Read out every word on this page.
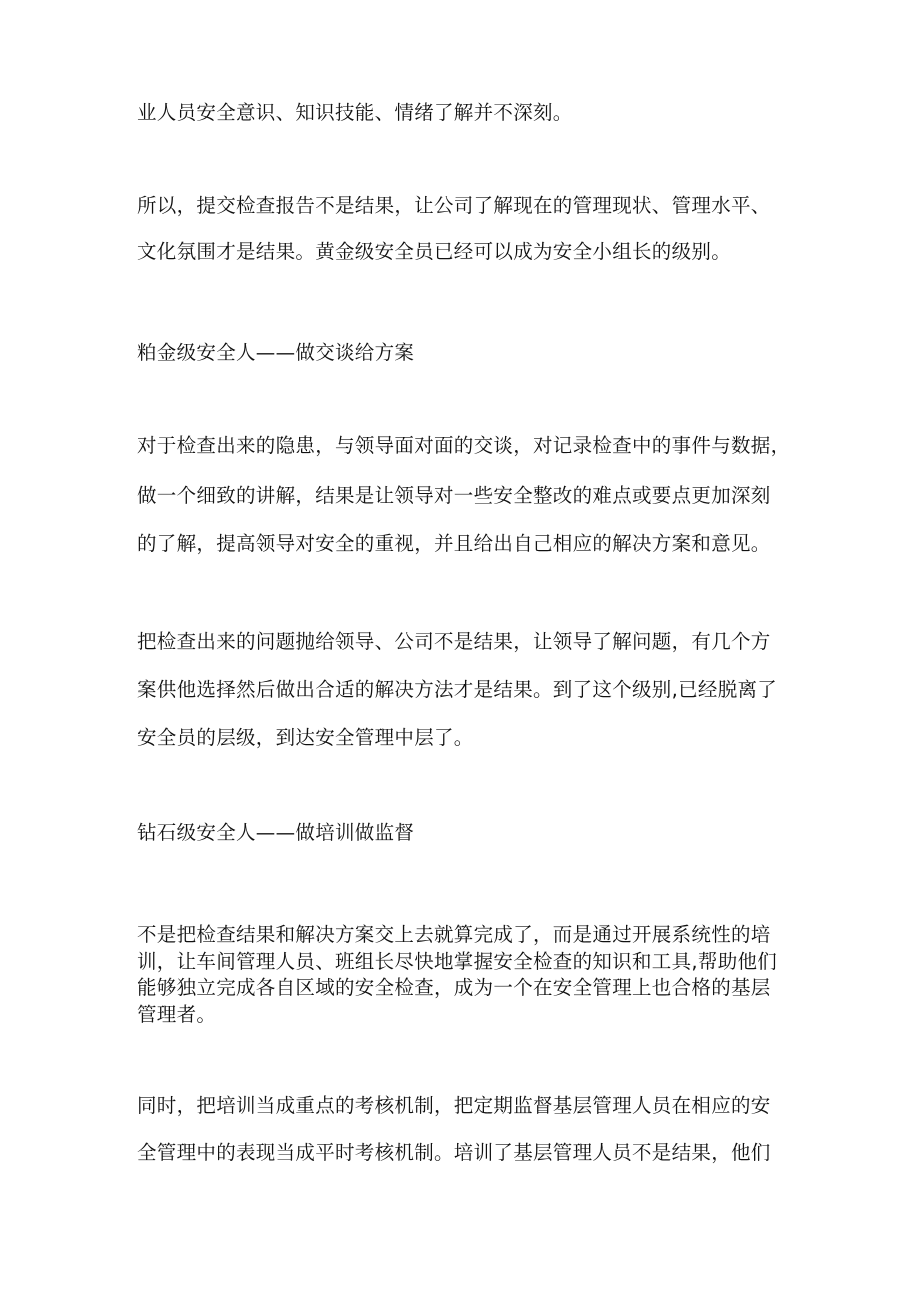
业人员安全意识、知识技能、情绪了解并不深刻。

所以，提交检查报告不是结果，让公司了解现在的管理现状、管理水平、

文化氛围才是结果。黄金级安全员已经可以成为安全小组长的级别。

粕金级安全人——做交谈给方案

对于检查出来的隐患，与领导面对面的交谈，对记录检查中的事件与数据，

做一个细致的讲解，结果是让领导对一些安全整改的难点或要点更加深刻

的了解，提高领导对安全的重视，并且给出自己相应的解决方案和意见。

把检查出来的问题抛给领导、公司不是结果，让领导了解问题，有几个方

案供他选择然后做出合适的解决方法才是结果。到了这个级别,已经脱离了

安全员的层级，到达安全管理中层了。

钻石级安全人——做培训做监督

不是把检查结果和解决方案交上去就算完成了，而是通过开展系统性的培

训，让车间管理人员、班组长尽快地掌握安全检查的知识和工具,帮助他们

能够独立完成各自区域的安全检查，成为一个在安全管理上也合格的基层

管理者。

同时，把培训当成重点的考核机制，把定期监督基层管理人员在相应的安

全管理中的表现当成平时考核机制。培训了基层管理人员不是结果，他们
